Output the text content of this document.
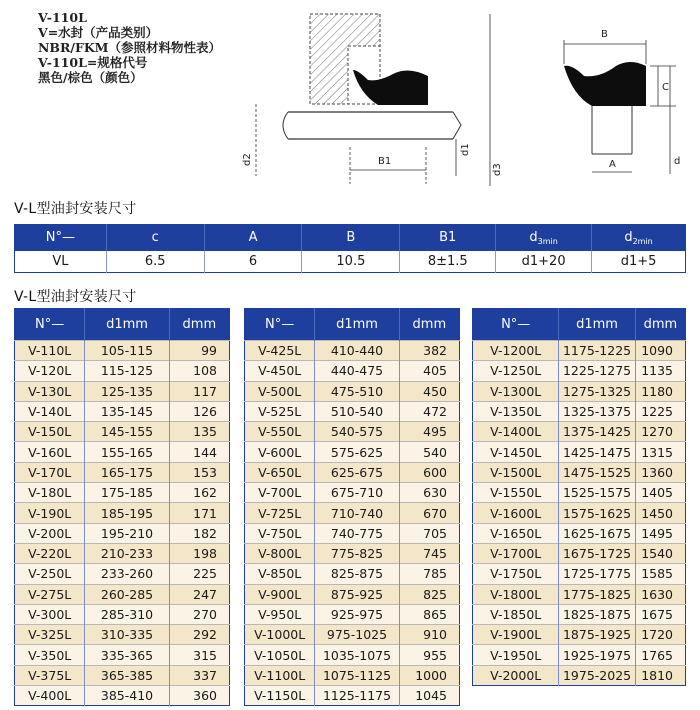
V-110L
V=水封（产品类别）
NBR/FKM（参照材料物性表）
V-110L=规格代号
黑色/棕色（颜色）
B1
d1
d2
d3
B
C
A	d
V-L型油封安装尺寸
N°—	c	A	B	B1	$d_{3min}$	$d_{2min}$
VL	6.5	6	10.5	8±1.5	d1+20	d1+5
V-L型油封安装尺寸
N°—	d1mm	dmm
V-110L	105-115	99
V-120L	115-125	108
V-130L	125-135	117
V-140L	135-145	126
V-150L	145-155	135
V-160L	155-165	144
V-170L	165-175	153
V-180L	175-185	162
V-190L	185-195	171
V-200L	195-210	182
V-220L	210-233	198
V-250L	233-260	225
V-275L	260-285	247
V-300L	285-310	270
V-325L	310-335	292
V-350L	335-365	315
V-375L	365-385	337
V-400L	385-410	360
N°—	d1mm	dmm
V-425L	410-440	382
V-450L	440-475	405
V-500L	475-510	450
V-525L	510-540	472
V-550L	540-575	495
V-600L	575-625	540
V-650L	625-675	600
V-700L	675-710	630
V-725L	710-740	670
V-750L	740-775	705
V-800L	775-825	745
V-850L	825-875	785
V-900L	875-925	825
V-950L	925-975	865
V-1000L	975-1025	910
V-1050L	1035-1075	955
V-1100L	1075-1125	1000
V-1150L	1125-1175	1045
N°—	d1mm	dmm
V-1200L	1175-1225	1090
V-1250L	1225-1275	1135
V-1300L	1275-1325	1180
V-1350L	1325-1375	1225
V-1400L	1375-1425	1270
V-1450L	1425-1475	1315
V-1500L	1475-1525	1360
V-1550L	1525-1575	1405
V-1600L	1575-1625	1450
V-1650L	1625-1675	1495
V-1700L	1675-1725	1540
V-1750L	1725-1775	1585
V-1800L	1775-1825	1630
V-1850L	1825-1875	1675
V-1900L	1875-1925	1720
V-1950L	1925-1975	1765
V-2000L	1975-2025	1810
